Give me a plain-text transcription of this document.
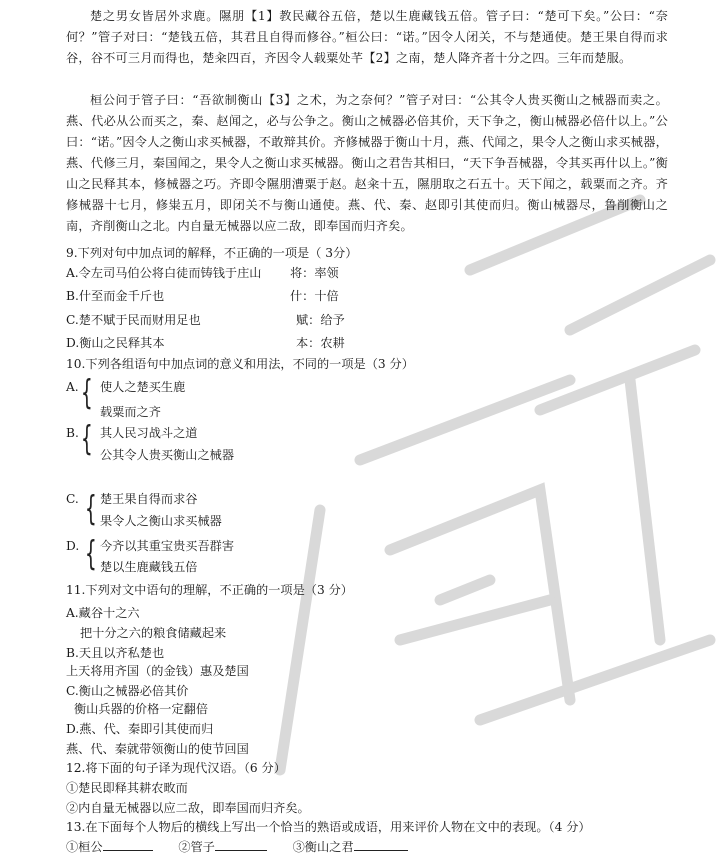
楚之男女皆居外求鹿。隰朋【1】教民藏谷五倍，楚以生鹿藏钱五倍。管子曰：“楚可下矣。”公曰：“奈何？”管子对曰：“楚钱五倍，其君且自得而修谷。”桓公曰：“诺。”因令人闭关，不与楚通使。楚王果自得而求谷，谷不可三月而得也，楚籴四百，齐因令人载粟处芊【2】之南，楚人降齐者十分之四。三年而楚服。

桓公问于管子曰：“吾欲制衡山【3】之术，为之奈何？”管子对曰：“公其令人贵买衡山之械器而卖之。燕、代必从公而买之，秦、赵闻之，必与公争之。衡山之械器必倍其价，天下争之，衡山械器必倍什以上。”公曰：“诺。”因令人之衡山求买械器，不敢辩其价。齐修械器于衡山十月，燕、代闻之，果令人之衡山求买械器，燕、代修三月，秦国闻之，果令人之衡山求买械器。衡山之君告其相曰，“天下争吾械器，令其买再什以上。”衡山之民释其本，修械器之巧。齐即令隰朋漕粟于赵。赵籴十五，隰朋取之石五十。天下闻之，载粟而之齐。齐修械器十七月，修粜五月，即闭关不与衡山通使。燕、代、秦、赵即引其使而归。衡山械器尽，鲁削衡山之南，齐削衡山之北。内自量无械器以应二敌，即奉国而归齐矣。

9.下列对句中加点词的解释，不正确的一项是（ 3分）
A.令左司马伯公将白徒而铸钱于庄山 将：率领
B.什至而金千斤也	什：十倍
C.楚不赋于民而财用足也	赋：给予
D.衡山之民释其本	本：农耕
10.下列各组语句中加点词的意义和用法，不同的一项是（3 分）
A. { 使人之楚买生鹿
载粟而之齐
B. { 其人民习战斗之道
公其令人贵买衡山之械器
C. { 楚王果自得而求谷
果令人之衡山求买械器
D. { 今齐以其重宝贵买吾群害
楚以生鹿藏钱五倍
11.下列对文中语句的理解，不正确的一项是（3 分）
A.藏谷十之六
把十分之六的粮食储藏起来
B.天且以齐私楚也
上天将用齐国（的金钱）惠及楚国
C.衡山之械器必倍其价
衡山兵器的价格一定翻倍
D.燕、代、秦即引其使而归
燕、代、秦就带领衡山的使节回国
12.将下面的句子译为现代汉语。（6 分）
①楚民即释其耕农畋而
②内自量无械器以应二敌，即奉国而归齐矣。
13.在下面每个人物后的横线上写出一个恰当的熟语或成语，用来评价人物在文中的表现。（4 分）
①桓公	②管子	③衡山之君
